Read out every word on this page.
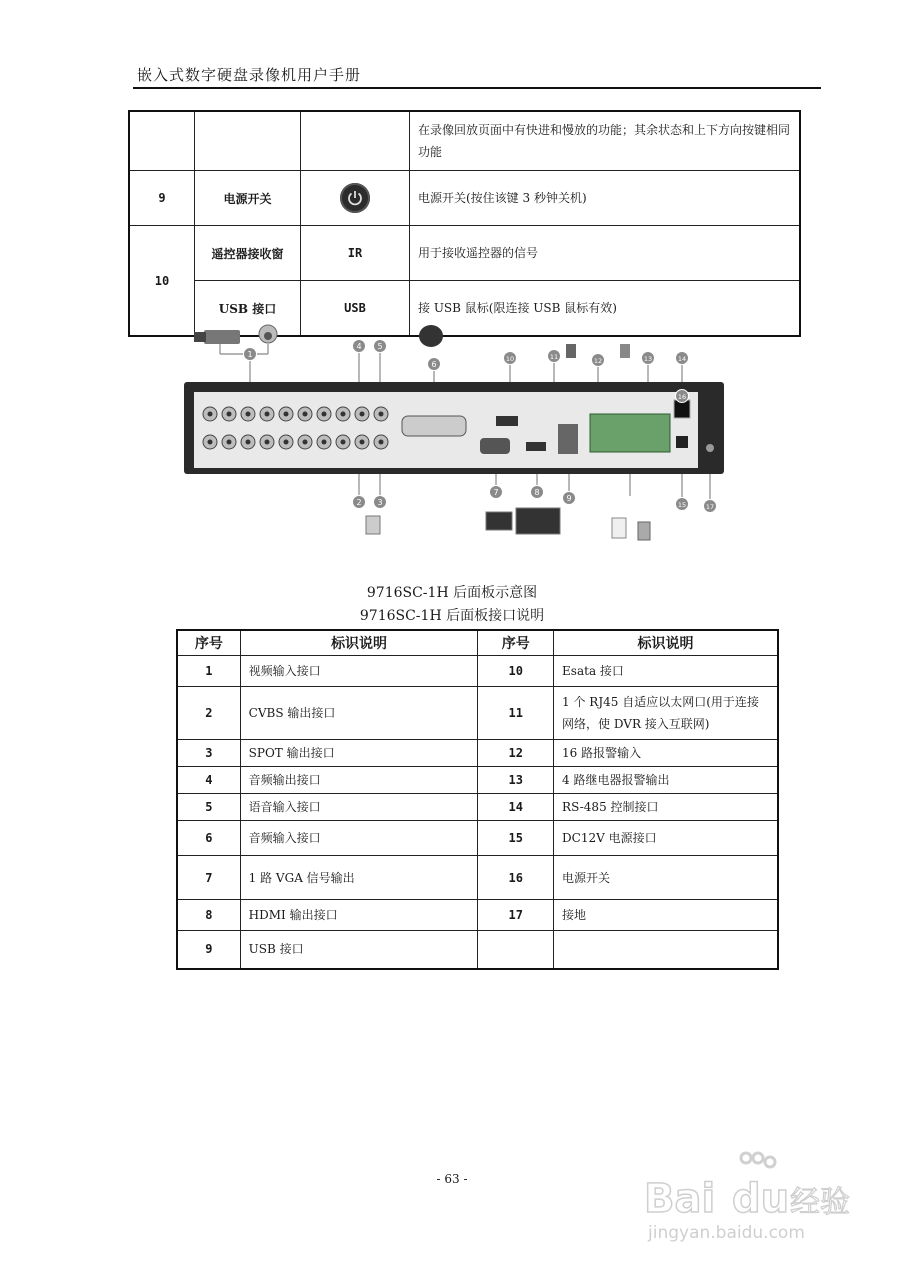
嵌入式数字硬盘录像机用户手册
			在录像回放页面中有快进和慢放的功能；其余状态和上下方向按键相同功能
9	电源开关		电源开关(按住该键 3 秒钟关机)
10	遥控器接收窗	IR	用于接收遥控器的信号
	USB 接口	USB	接 USB 鼠标(限连接 USB 鼠标有效)
1
2 3
4 5
6
7	8
9
10	11	12	13	14
15
16
17
9716SC-1H 后面板示意图
9716SC-1H 后面板接口说明
序号	标识说明	序号	标识说明
1	视频输入接口	10	Esata 接口
2	CVBS 输出接口	11	1 个 RJ45 自适应以太网口(用于连接网络，使 DVR 接入互联网)
3	SPOT 输出接口	12	16 路报警输入
4	音频输出接口	13	4 路继电器报警输出
5	语音输入接口	14	RS-485 控制接口
6	音频输入接口	15	DC12V 电源接口
7	1 路 VGA 信号输出	16	电源开关
8	HDMI 输出接口	17	接地
9	USB 接口		
- 63 -	Bai du 经验
jingyan.baidu.com
